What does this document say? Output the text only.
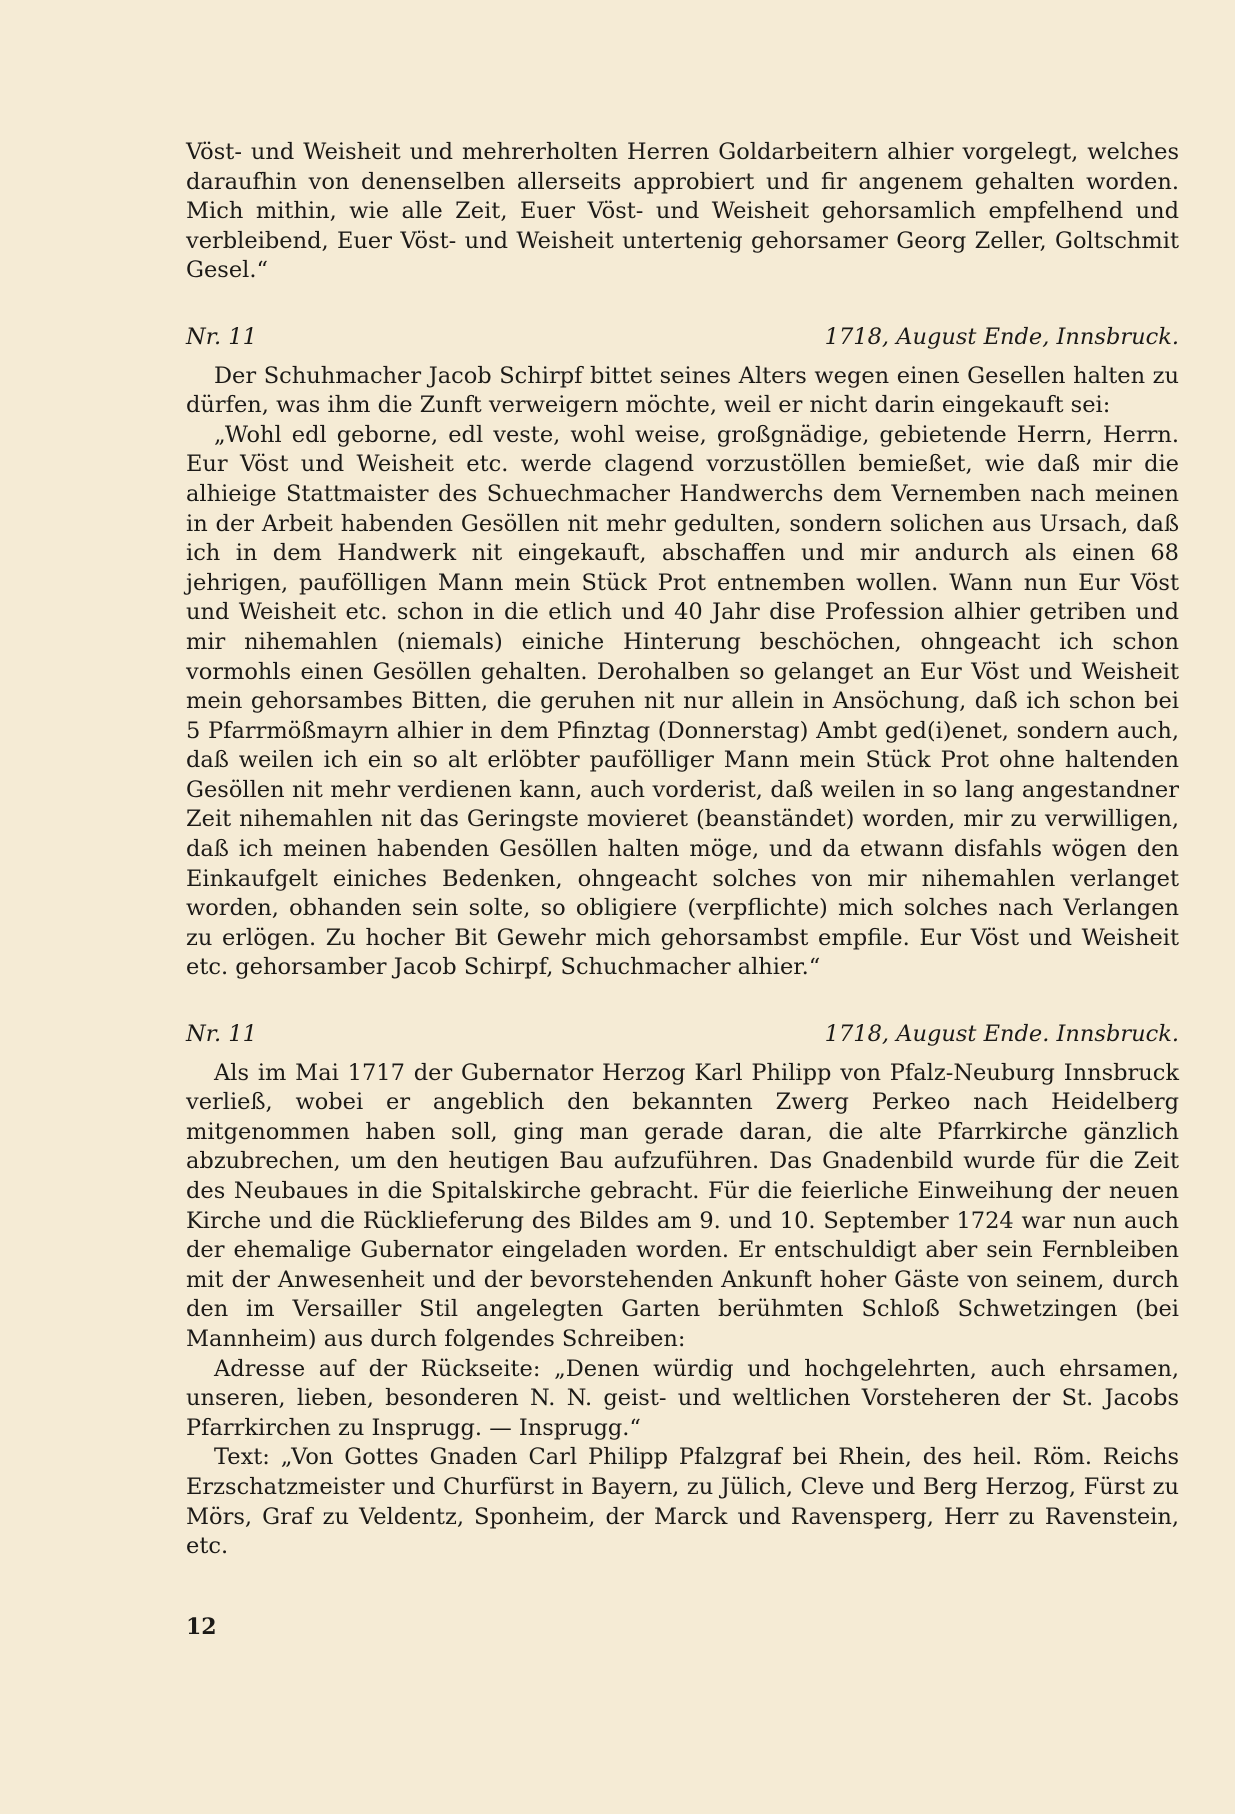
Vöst- und Weisheit und mehrerholten Herren Goldarbeitern alhier vorgelegt, welches daraufhin von denenselben allerseits approbiert und fir angenem gehalten worden. Mich mithin, wie alle Zeit, Euer Vöst- und Weisheit gehorsamlich empfelhend und verbleibend, Euer Vöst- und Weisheit untertenig gehorsamer Georg Zeller, Goltschmit Gesel.“

Nr. 11	1718, August Ende, Innsbruck.

Der Schuhmacher Jacob Schirpf bittet seines Alters wegen einen Gesellen halten zu dürfen, was ihm die Zunft verweigern möchte, weil er nicht darin eingekauft sei:

„Wohl edl geborne, edl veste, wohl weise, großgnädige, gebietende Herrn, Herrn. Eur Vöst und Weisheit etc. werde clagend vorzustöllen bemießet, wie daß mir die alhieige Stattmaister des Schuechmacher Handwerchs dem Vernemben nach meinen in der Arbeit habenden Gesöllen nit mehr gedulten, sondern solichen aus Ursach, daß ich in dem Handwerk nit eingekauft, abschaffen und mir andurch als einen 68 jehrigen, paufölligen Mann mein Stück Prot entnemben wollen. Wann nun Eur Vöst und Weisheit etc. schon in die etlich und 40 Jahr dise Profession alhier getriben und mir nihemahlen (niemals) einiche Hinterung beschöchen, ohngeacht ich schon vormohls einen Gesöllen gehalten. Derohalben so gelanget an Eur Vöst und Weisheit mein gehorsambes Bitten, die geruhen nit nur allein in Ansöchung, daß ich schon bei 5 Pfarrmößmayrn alhier in dem Pfinztag (Donnerstag) Ambt ged(i)enet, sondern auch, daß weilen ich ein so alt erlöbter paufölliger Mann mein Stück Prot ohne haltenden Gesöllen nit mehr verdienen kann, auch vorderist, daß weilen in so lang angestandner Zeit nihemahlen nit das Geringste movieret (beanständet) worden, mir zu verwilligen, daß ich meinen habenden Gesöllen halten möge, und da etwann disfahls wögen den Einkaufgelt einiches Bedenken, ohngeacht solches von mir nihemahlen verlanget worden, obhanden sein solte, so obligiere (verpflichte) mich solches nach Verlangen zu erlögen. Zu hocher Bit Gewehr mich gehorsambst empfile. Eur Vöst und Weisheit etc. gehorsamber Jacob Schirpf, Schuchmacher alhier.“

Nr. 11	1718, August Ende. Innsbruck.

Als im Mai 1717 der Gubernator Herzog Karl Philipp von Pfalz-Neuburg Innsbruck verließ, wobei er angeblich den bekannten Zwerg Perkeo nach Heidelberg mitgenommen haben soll, ging man gerade daran, die alte Pfarrkirche gänzlich abzubrechen, um den heutigen Bau aufzuführen. Das Gnadenbild wurde für die Zeit des Neubaues in die Spitalskirche gebracht. Für die feierliche Einweihung der neuen Kirche und die Rücklieferung des Bildes am 9. und 10. September 1724 war nun auch der ehemalige Gubernator eingeladen worden. Er entschuldigt aber sein Fernbleiben mit der Anwesenheit und der bevorstehenden Ankunft hoher Gäste von seinem, durch den im Versailler Stil angelegten Garten berühmten Schloß Schwetzingen (bei Mannheim) aus durch folgendes Schreiben:

Adresse auf der Rückseite: „Denen würdig und hochgelehrten, auch ehrsamen, unseren, lieben, besonderen N. N. geist- und weltlichen Vorsteheren der St. Jacobs Pfarrkirchen zu Insprugg. — Insprugg.“

Text: „Von Gottes Gnaden Carl Philipp Pfalzgraf bei Rhein, des heil. Röm. Reichs Erzschatzmeister und Churfürst in Bayern, zu Jülich, Cleve und Berg Herzog, Fürst zu Mörs, Graf zu Veldentz, Sponheim, der Marck und Ravensperg, Herr zu Ravenstein, etc.

12
